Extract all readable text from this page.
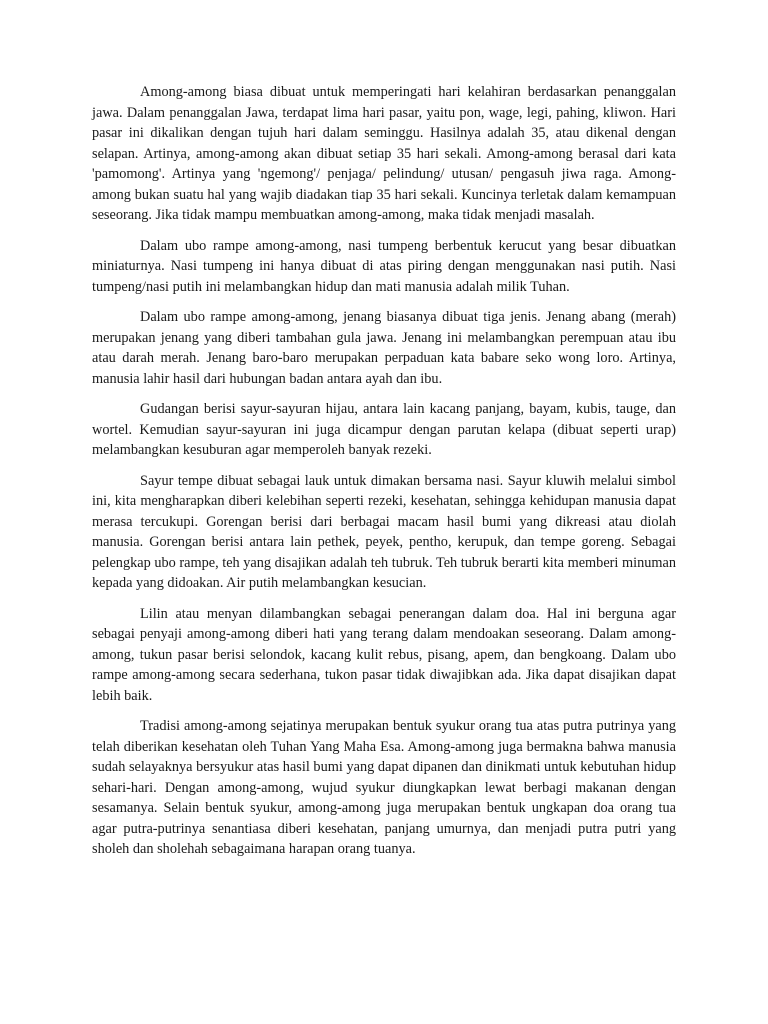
Among-among biasa dibuat untuk memperingati hari kelahiran berdasarkan penanggalan jawa. Dalam penanggalan Jawa, terdapat lima hari pasar, yaitu pon, wage, legi, pahing, kliwon. Hari pasar ini dikalikan dengan tujuh hari dalam seminggu. Hasilnya adalah 35, atau dikenal dengan selapan. Artinya, among-among akan dibuat setiap 35 hari sekali. Among-among berasal dari kata 'pamomong'. Artinya yang 'ngemong'/ penjaga/ pelindung/ utusan/ pengasuh jiwa raga. Among-among bukan suatu hal yang wajib diadakan tiap 35 hari sekali. Kuncinya terletak dalam kemampuan seseorang. Jika tidak mampu membuatkan among-among, maka tidak menjadi masalah.

Dalam ubo rampe among-among, nasi tumpeng berbentuk kerucut yang besar dibuatkan miniaturnya. Nasi tumpeng ini hanya dibuat di atas piring dengan menggunakan nasi putih. Nasi tumpeng/nasi putih ini melambangkan hidup dan mati manusia adalah milik Tuhan.

Dalam ubo rampe among-among, jenang biasanya dibuat tiga jenis. Jenang abang (merah) merupakan jenang yang diberi tambahan gula jawa. Jenang ini melambangkan perempuan atau ibu atau darah merah. Jenang baro-baro merupakan perpaduan kata babare seko wong loro. Artinya, manusia lahir hasil dari hubungan badan antara ayah dan ibu.

Gudangan berisi sayur-sayuran hijau, antara lain kacang panjang, bayam, kubis, tauge, dan wortel. Kemudian sayur-sayuran ini juga dicampur dengan parutan kelapa (dibuat seperti urap) melambangkan kesuburan agar memperoleh banyak rezeki.

Sayur tempe dibuat sebagai lauk untuk dimakan bersama nasi. Sayur kluwih melalui simbol ini, kita mengharapkan diberi kelebihan seperti rezeki, kesehatan, sehingga kehidupan manusia dapat merasa tercukupi. Gorengan berisi dari berbagai macam hasil bumi yang dikreasi atau diolah manusia. Gorengan berisi antara lain pethek, peyek, pentho, kerupuk, dan tempe goreng. Sebagai pelengkap ubo rampe, teh yang disajikan adalah teh tubruk. Teh tubruk berarti kita memberi minuman kepada yang didoakan. Air putih melambangkan kesucian.

Lilin atau menyan dilambangkan sebagai penerangan dalam doa. Hal ini berguna agar sebagai penyaji among-among diberi hati yang terang dalam mendoakan seseorang. Dalam among-among, tukun pasar berisi selondok, kacang kulit rebus, pisang, apem, dan bengkoang. Dalam ubo rampe among-among secara sederhana, tukon pasar tidak diwajibkan ada. Jika dapat disajikan dapat lebih baik.

Tradisi among-among sejatinya merupakan bentuk syukur orang tua atas putra putrinya yang telah diberikan kesehatan oleh Tuhan Yang Maha Esa. Among-among juga bermakna bahwa manusia sudah selayaknya bersyukur atas hasil bumi yang dapat dipanen dan dinikmati untuk kebutuhan hidup sehari-hari. Dengan among-among, wujud syukur diungkapkan lewat berbagi makanan dengan sesamanya. Selain bentuk syukur, among-among juga merupakan bentuk ungkapan doa orang tua agar putra-putrinya senantiasa diberi kesehatan, panjang umurnya, dan menjadi putra putri yang sholeh dan sholehah sebagaimana harapan orang tuanya.
